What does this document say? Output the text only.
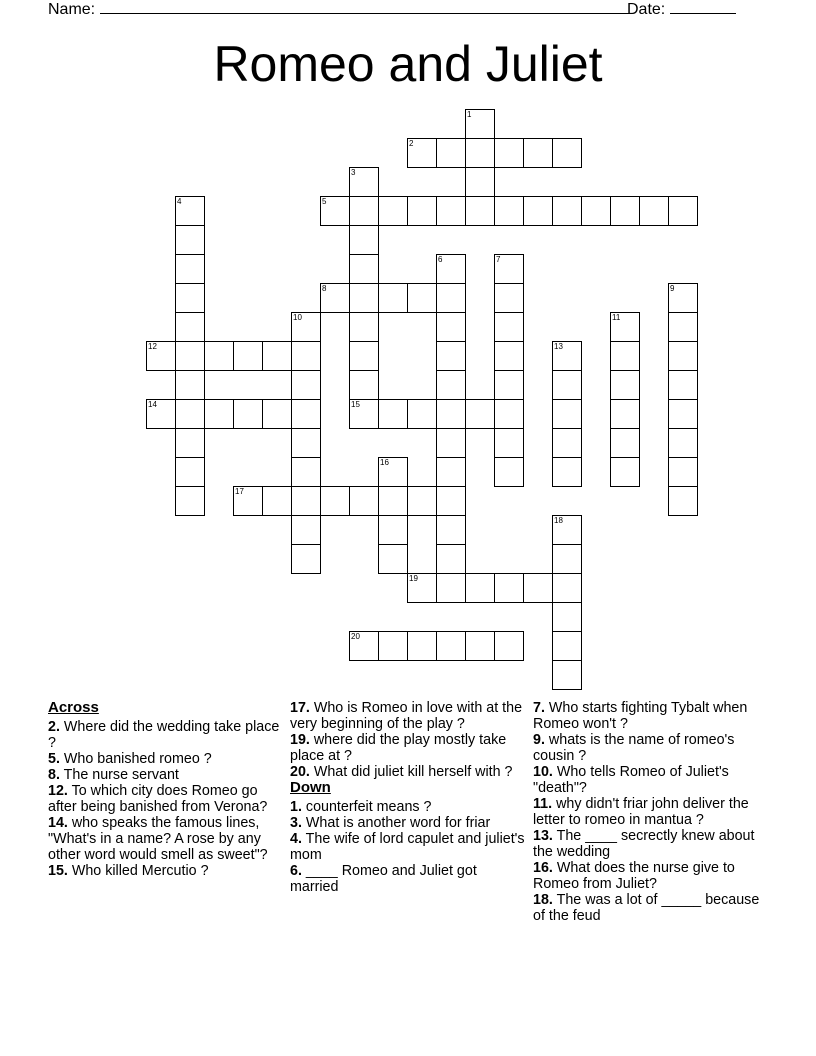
Name:	Date:
Romeo and Juliet
1
2
3
4	5
6	7
8	9
10	11
12	13
14	15
16
17
18
19
20
Across

2. Where did the wedding take place ?

5. Who banished romeo ?

8. The nurse servant

12. To which city does Romeo go after being banished from Verona?

14. who speaks the famous lines, "What's in a name? A rose by any other word would smell as sweet"?

15. Who killed Mercutio ?

17. Who is Romeo in love with at the very beginning of the play ?

19. where did the play mostly take place at ?

20. What did juliet kill herself with ?

Down

1. counterfeit means ?

3. What is another word for friar

4. The wife of lord capulet and juliet's mom

6. ____ Romeo and Juliet got married

7. Who starts fighting Tybalt when Romeo won't ?

9. whats is the name of romeo's cousin ?

10. Who tells Romeo of Juliet's "death"?

11. why didn't friar john deliver the letter to romeo in mantua ?

13. The ____ secrectly knew about the wedding

16. What does the nurse give to Romeo from Juliet?

18. The was a lot of _____ because of the feud
